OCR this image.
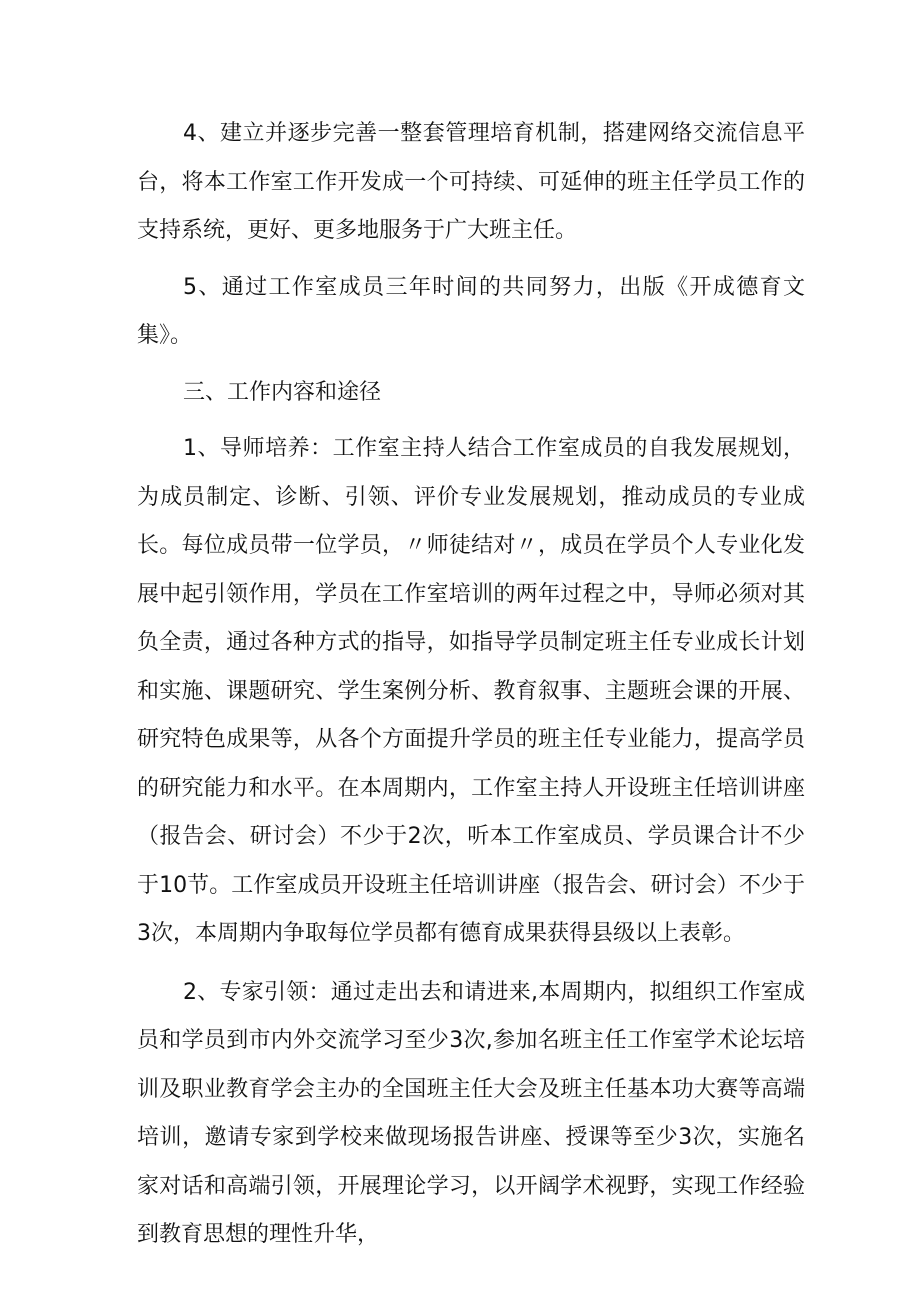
4、建立并逐步完善一整套管理培育机制，搭建网络交流信息平台，将本工作室工作开发成一个可持续、可延伸的班主任学员工作的支持系统，更好、更多地服务于广大班主任。

5、通过工作室成员三年时间的共同努力，出版《开成德育文集》。

三、工作内容和途径

1、导师培养：工作室主持人结合工作室成员的自我发展规划，为成员制定、诊断、引领、评价专业发展规划，推动成员的专业成长。每位成员带一位学员，〃师徒结对〃，成员在学员个人专业化发展中起引领作用，学员在工作室培训的两年过程之中，导师必须对其负全责，通过各种方式的指导，如指导学员制定班主任专业成长计划和实施、课题研究、学生案例分析、教育叙事、主题班会课的开展、研究特色成果等，从各个方面提升学员的班主任专业能力，提高学员的研究能力和水平。在本周期内，工作室主持人开设班主任培训讲座（报告会、研讨会）不少于2次，听本工作室成员、学员课合计不少于10节。工作室成员开设班主任培训讲座（报告会、研讨会）不少于3次，本周期内争取每位学员都有德育成果获得县级以上表彰。

2、专家引领：通过走出去和请进来,本周期内，拟组织工作室成员和学员到市内外交流学习至少3次,参加名班主任工作室学术论坛培训及职业教育学会主办的全国班主任大会及班主任基本功大赛等高端培训，邀请专家到学校来做现场报告讲座、授课等至少3次，实施名家对话和高端引领，开展理论学习，以开阔学术视野，实现工作经验到教育思想的理性升华，
